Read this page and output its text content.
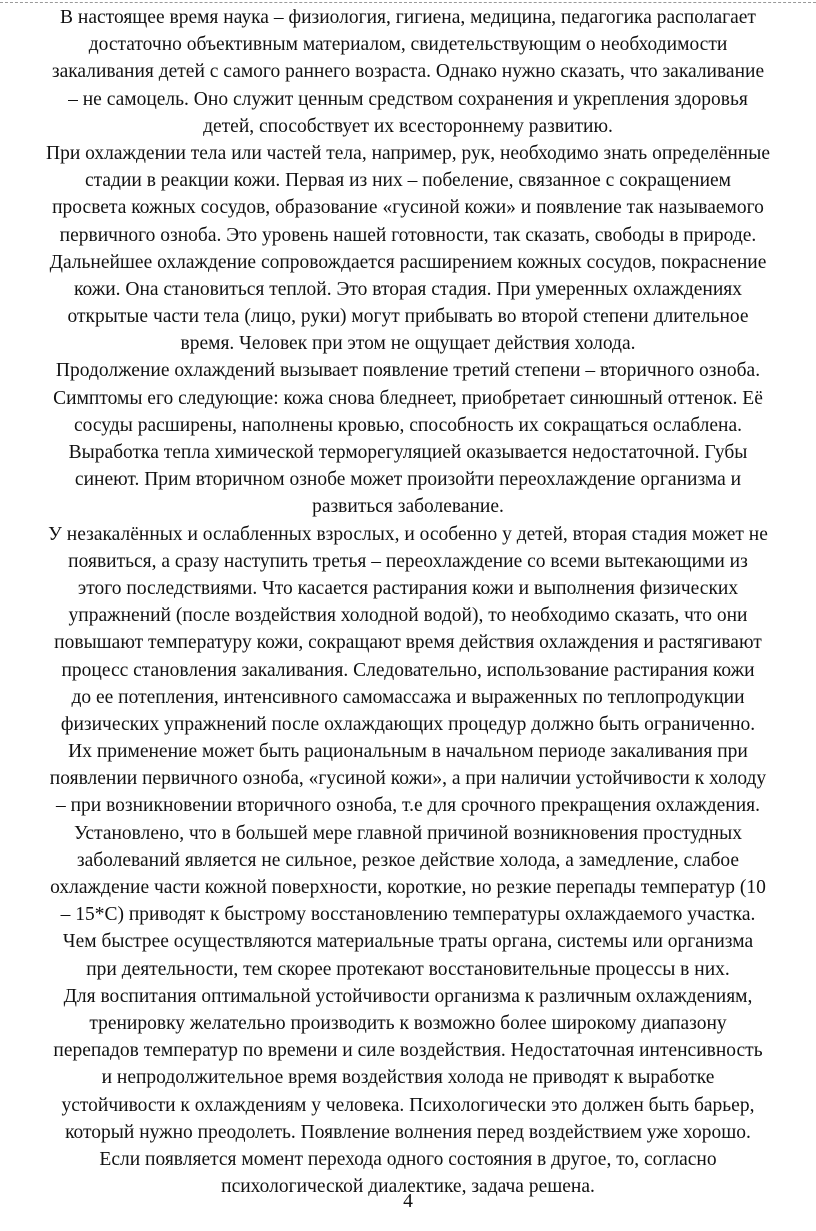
В настоящее время наука – физиология, гигиена, медицина, педагогика располагает
достаточно объективным материалом, свидетельствующим о необходимости
закаливания детей с самого раннего возраста. Однако нужно сказать, что закаливание
– не самоцель. Оно служит ценным средством сохранения и укрепления здоровья
детей, способствует их всестороннему развитию.
При охлаждении тела или частей тела, например, рук, необходимо знать определённые
стадии в реакции кожи. Первая из них – побеление, связанное с сокращением
просвета кожных сосудов, образование «гусиной кожи» и появление так называемого
первичного озноба. Это уровень нашей готовности, так сказать, свободы в природе.
Дальнейшее охлаждение сопровождается расширением кожных сосудов, покраснение
кожи. Она становиться теплой. Это вторая стадия. При умеренных охлаждениях
открытые части тела (лицо, руки) могут прибывать во второй степени длительное
время. Человек при этом не ощущает действия холода.
Продолжение охлаждений вызывает появление третий степени – вторичного озноба.
Симптомы его следующие: кожа снова бледнеет, приобретает синюшный оттенок. Её
сосуды расширены, наполнены кровью, способность их сокращаться ослаблена.
Выработка тепла химической терморегуляцией оказывается недостаточной. Губы
синеют. Прим вторичном ознобе может произойти переохлаждение организма и
развиться заболевание.
У незакалённых и ослабленных взрослых, и особенно у детей, вторая стадия может не
появиться, а сразу наступить третья – переохлаждение со всеми вытекающими из
этого последствиями. Что касается растирания кожи и выполнения физических
упражнений (после воздействия холодной водой), то необходимо сказать, что они
повышают температуру кожи, сокращают время действия охлаждения и растягивают
процесс становления закаливания. Следовательно, использование растирания кожи
до ее потепления, интенсивного самомассажа и выраженных по теплопродукции
физических упражнений после охлаждающих процедур должно быть ограниченно.
Их применение может быть рациональным в начальном периоде закаливания при
появлении первичного озноба, «гусиной кожи», а при наличии устойчивости к холоду
– при возникновении вторичного озноба, т.е для срочного прекращения охлаждения.
Установлено, что в большей мере главной причиной возникновения простудных
заболеваний является не сильное, резкое действие холода, а замедление, слабое
охлаждение части кожной поверхности, короткие, но резкие перепады температур (10
– 15*С) приводят к быстрому восстановлению температуры охлаждаемого участка.
Чем быстрее осуществляются материальные траты органа, системы или организма
при деятельности, тем скорее протекают восстановительные процессы в них.
Для воспитания оптимальной устойчивости организма к различным охлаждениям,
тренировку желательно производить к возможно более широкому диапазону
перепадов температур по времени и силе воздействия. Недостаточная интенсивность
и непродолжительное время воздействия холода не приводят к выработке
устойчивости к охлаждениям у человека. Психологически это должен быть барьер,
который нужно преодолеть. Появление волнения перед воздействием уже хорошо.
Если появляется момент перехода одного состояния в другое, то, согласно
психологической диалектике, задача решена.
4
